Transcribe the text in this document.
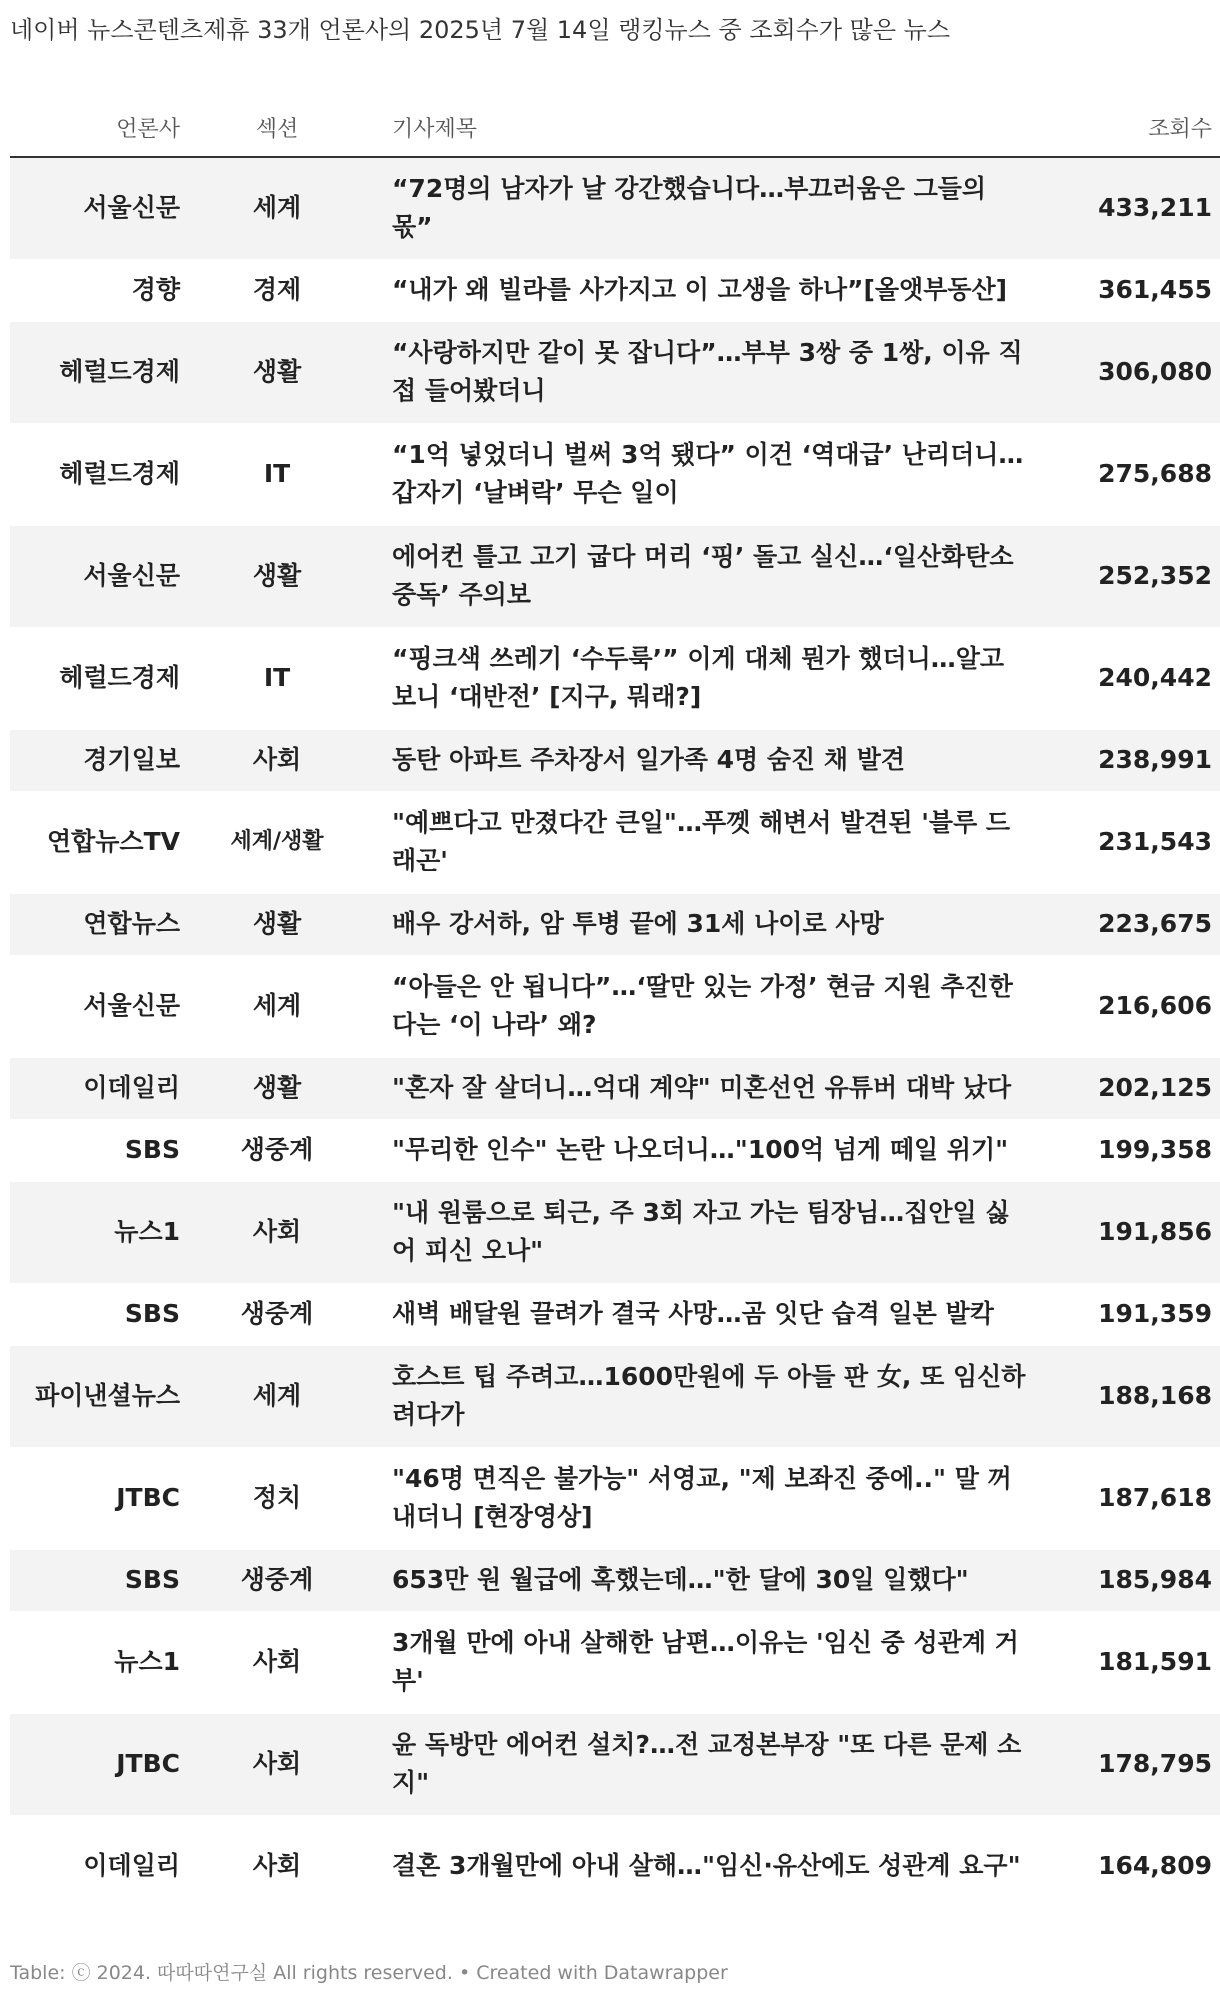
네이버 뉴스콘텐츠제휴 33개 언론사의 2025년 7월 14일 랭킹뉴스 중 조회수가 많은 뉴스
언론사	섹션	기사제목	조회수
서울신문	세계	“72명의 남자가 날 강간했습니다…부끄러움은 그들의 몫”	433,211
경향	경제	“내가 왜 빌라를 사가지고 이 고생을 하나”[올앳부동산]	361,455
헤럴드경제	생활	“사랑하지만 같이 못 잡니다”…부부 3쌍 중 1쌍, 이유 직접 들어봤더니	306,080
헤럴드경제	IT	“1억 넣었더니 벌써 3억 됐다” 이건 ‘역대급’ 난리더니… 갑자기 ‘날벼락’ 무슨 일이	275,688
서울신문	생활	에어컨 틀고 고기 굽다 머리 ‘핑’ 돌고 실신…‘일산화탄소 중독’ 주의보	252,352
헤럴드경제	IT	“핑크색 쓰레기 ‘수두룩’” 이게 대체 뭔가 했더니…알고 보니 ‘대반전’ [지구, 뭐래?]	240,442
경기일보	사회	동탄 아파트 주차장서 일가족 4명 숨진 채 발견	238,991
연합뉴스TV	세계/생활	"예쁘다고 만졌다간 큰일"…푸껫 해변서 발견된 '블루 드래곤'	231,543
연합뉴스	생활	배우 강서하, 암 투병 끝에 31세 나이로 사망	223,675
서울신문	세계	“아들은 안 됩니다”…‘딸만 있는 가정’ 현금 지원 추진한다는 ‘이 나라’ 왜?	216,606
이데일리	생활	"혼자 잘 살더니…억대 계약" 미혼선언 유튜버 대박 났다	202,125
SBS	생중계	"무리한 인수" 논란 나오더니…"100억 넘게 떼일 위기"	199,358
뉴스1	사회	"내 원룸으로 퇴근, 주 3회 자고 가는 팀장님…집안일 싫어 피신 오나"	191,856
SBS	생중계	새벽 배달원 끌려가 결국 사망…곰 잇단 습격 일본 발칵	191,359
파이낸셜뉴스	세계	호스트 팁 주려고…1600만원에 두 아들 판 女, 또 임신하려다가	188,168
JTBC	정치	"46명 면직은 불가능" 서영교, "제 보좌진 중에.." 말 꺼내더니 [현장영상]	187,618
SBS	생중계	653만 원 월급에 혹했는데…"한 달에 30일 일했다"	185,984
뉴스1	사회	3개월 만에 아내 살해한 남편…이유는 '임신 중 성관계 거부'	181,591
JTBC	사회	윤 독방만 에어컨 설치?…전 교정본부장 "또 다른 문제 소지"	178,795
이데일리	사회	결혼 3개월만에 아내 살해…"임신·유산에도 성관계 요구"	164,809
Table: ⓒ 2024. 따따따연구실 All rights reserved. • Created with Datawrapper
